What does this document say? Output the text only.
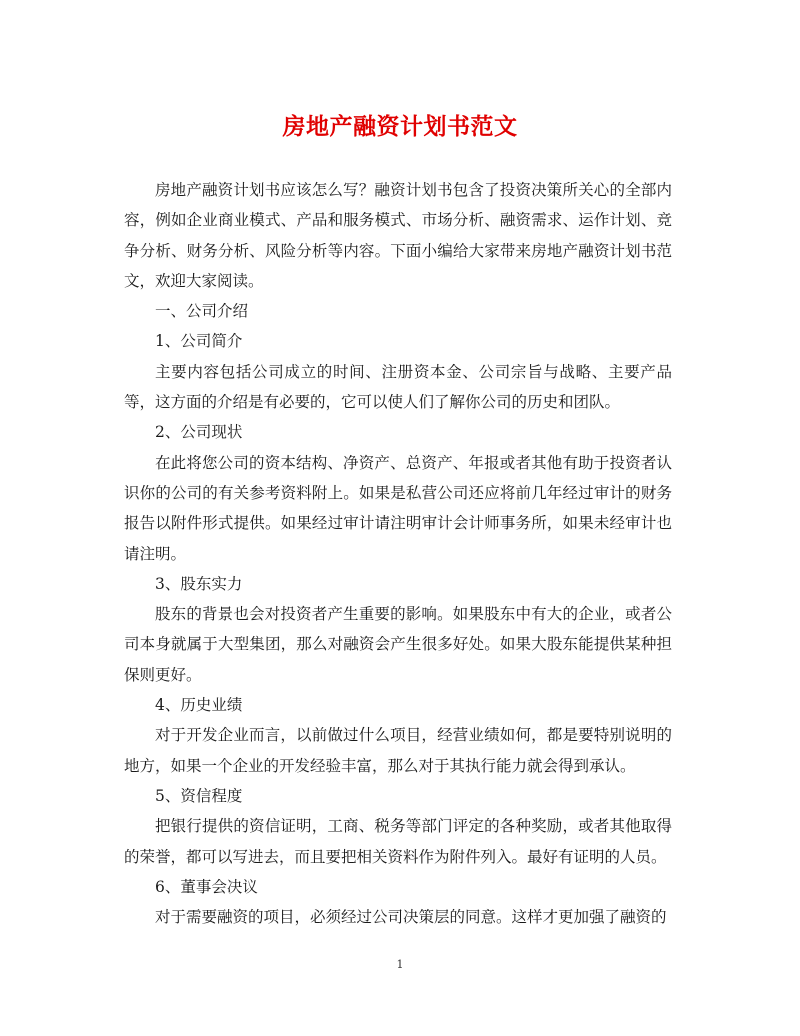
房地产融资计划书范文

房地产融资计划书应该怎么写？融资计划书包含了投资决策所关心的全部内容，例如企业商业模式、产品和服务模式、市场分析、融资需求、运作计划、竞争分析、财务分析、风险分析等内容。下面小编给大家带来房地产融资计划书范文，欢迎大家阅读。

一、公司介绍

1、公司简介

主要内容包括公司成立的时间、注册资本金、公司宗旨与战略、主要产品等，这方面的介绍是有必要的，它可以使人们了解你公司的历史和团队。

2、公司现状

在此将您公司的资本结构、净资产、总资产、年报或者其他有助于投资者认识你的公司的有关参考资料附上。如果是私营公司还应将前几年经过审计的财务报告以附件形式提供。如果经过审计请注明审计会计师事务所，如果未经审计也请注明。

3、股东实力

股东的背景也会对投资者产生重要的影响。如果股东中有大的企业，或者公司本身就属于大型集团，那么对融资会产生很多好处。如果大股东能提供某种担保则更好。

4、历史业绩

对于开发企业而言，以前做过什么项目，经营业绩如何，都是要特别说明的地方，如果一个企业的开发经验丰富，那么对于其执行能力就会得到承认。

5、资信程度

把银行提供的资信证明，工商、税务等部门评定的各种奖励，或者其他取得的荣誉，都可以写进去，而且要把相关资料作为附件列入。最好有证明的人员。

6、董事会决议

对于需要融资的项目，必须经过公司决策层的同意。这样才更加强了融资的

1
